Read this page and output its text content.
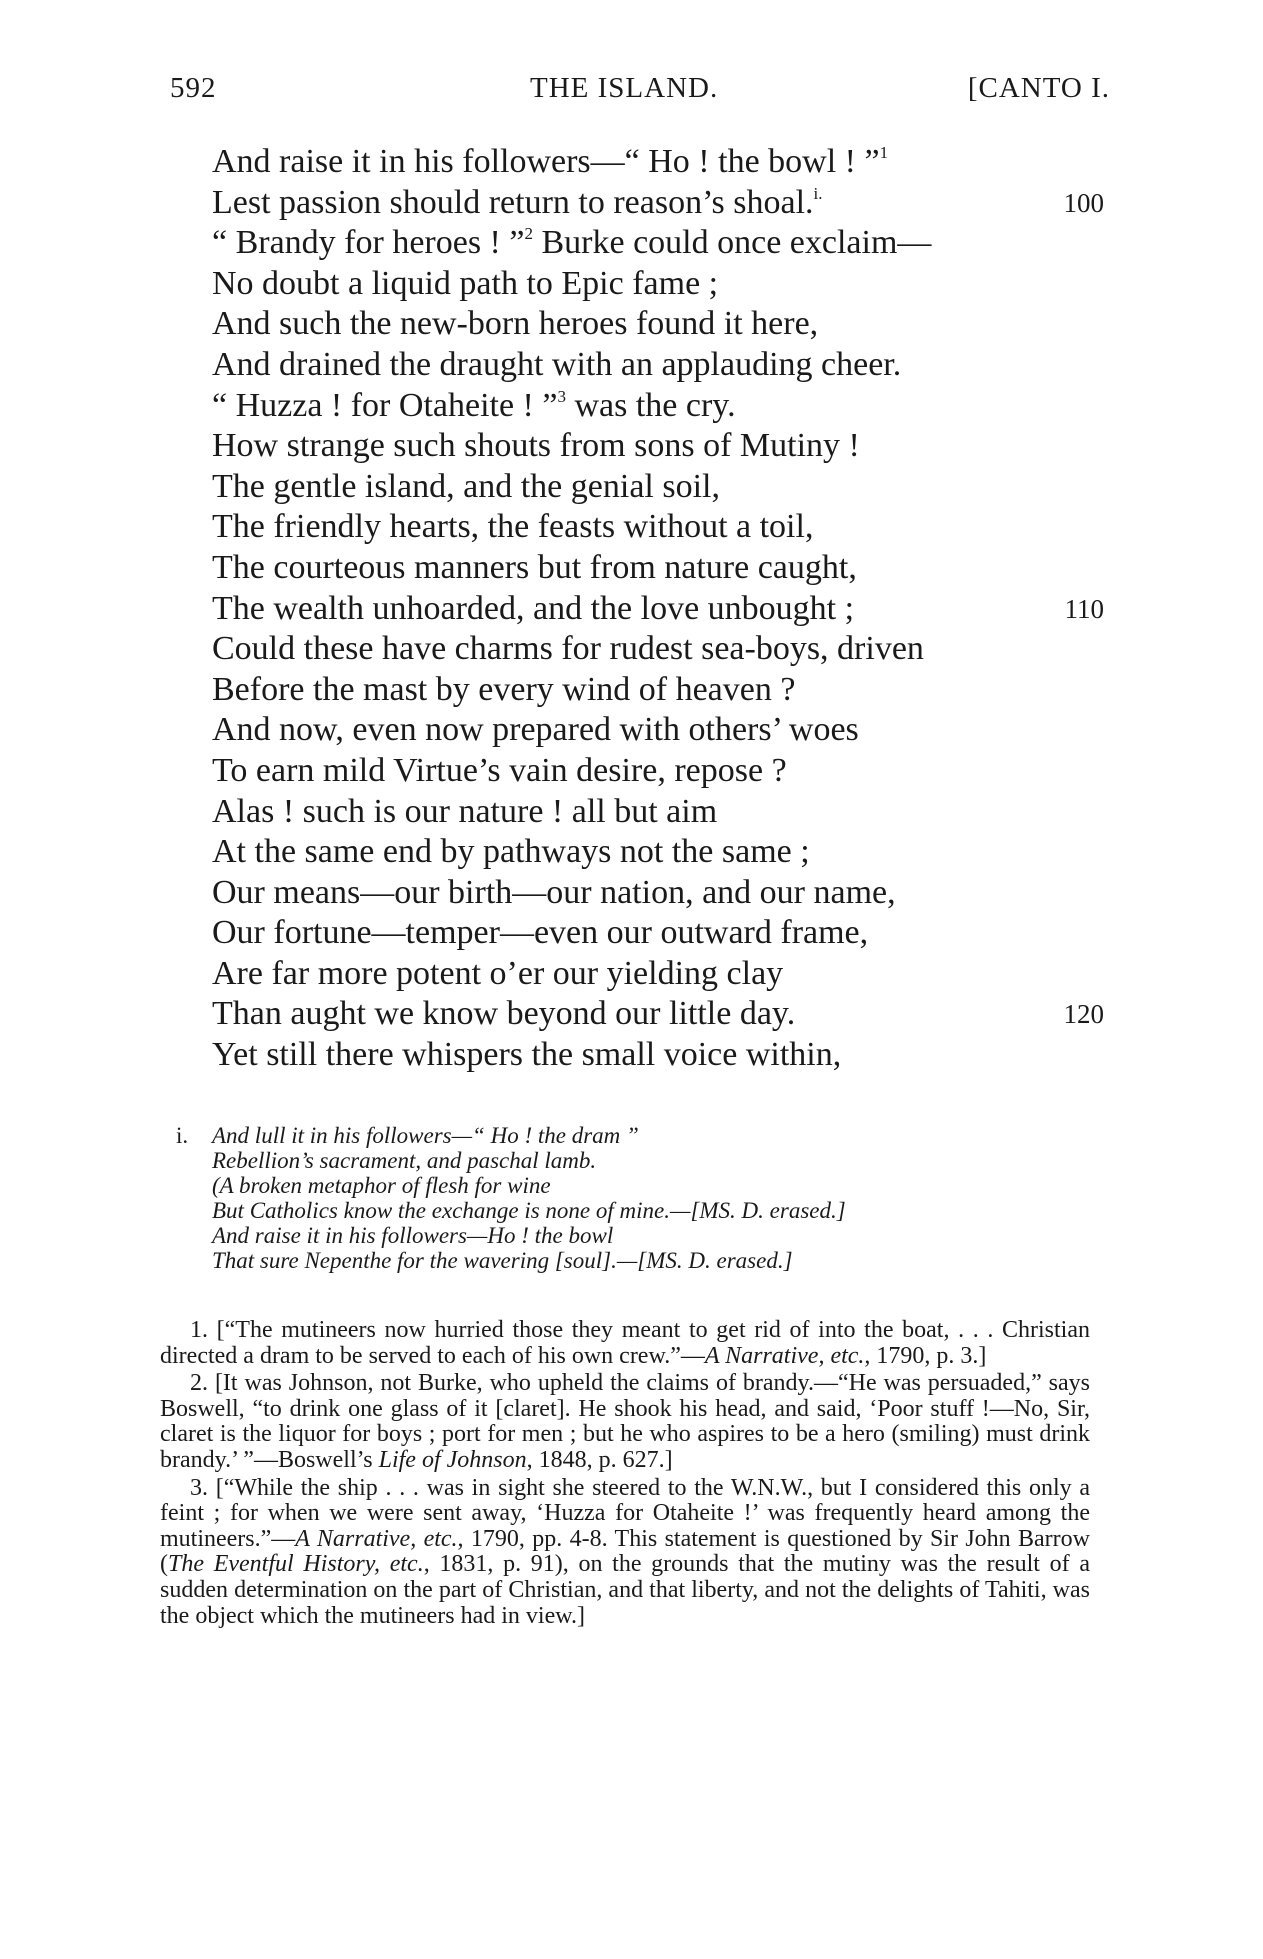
592	THE ISLAND.	[CANTO I.
And raise it in his followers—“ Ho ! the bowl ! ”$^1$
Lest passion should return to reason’s shoal.$^{i.}$	100
“ Brandy for heroes ! ”$^2$ Burke could once exclaim—
No doubt a liquid path to Epic fame ;
And such the new-born heroes found it here,
And drained the draught with an applauding cheer.
“ Huzza ! for Otaheite ! ”$^3$ was the cry.
How strange such shouts from sons of Mutiny !
The gentle island, and the genial soil,
The friendly hearts, the feasts without a toil,
The courteous manners but from nature caught,
The wealth unhoarded, and the love unbought ;	110
Could these have charms for rudest sea-boys, driven
Before the mast by every wind of heaven ?
And now, even now prepared with others’ woes
To earn mild Virtue’s vain desire, repose ?
Alas ! such is our nature ! all but aim
At the same end by pathways not the same ;
Our means—our birth—our nation, and our name,
Our fortune—temper—even our outward frame,
Are far more potent o’er our yielding clay
Than aught we know beyond our little day.	120
Yet still there whispers the small voice within,
i. And lull it in his followers—“ Ho ! the dram ”
Rebellion’s sacrament, and paschal lamb.
(A broken metaphor of flesh for wine
But Catholics know the exchange is none of mine.—[MS. D. erased.]
And raise it in his followers—Ho ! the bowl
That sure Nepenthe for the wavering [soul].—[MS. D. erased.]

1. [“The mutineers now hurried those they meant to get rid of into the boat, . . . Christian directed a dram to be served to each of his own crew.”—A Narrative, etc., 1790, p. 3.]

2. [It was Johnson, not Burke, who upheld the claims of brandy.—“He was persuaded,” says Boswell, “to drink one glass of it [claret]. He shook his head, and said, ‘Poor stuff !—No, Sir, claret is the liquor for boys ; port for men ; but he who aspires to be a hero (smiling) must drink brandy.’ ”—Boswell’s Life of Johnson, 1848, p. 627.]

3. [“While the ship . . . was in sight she steered to the W.N.W., but I considered this only a feint ; for when we were sent away, ‘Huzza for Otaheite !’ was frequently heard among the mutineers.”—A Narrative, etc., 1790, pp. 4-8. This statement is questioned by Sir John Barrow (The Eventful History, etc., 1831, p. 91), on the grounds that the mutiny was the result of a sudden determination on the part of Christian, and that liberty, and not the delights of Tahiti, was the object which the mutineers had in view.]
